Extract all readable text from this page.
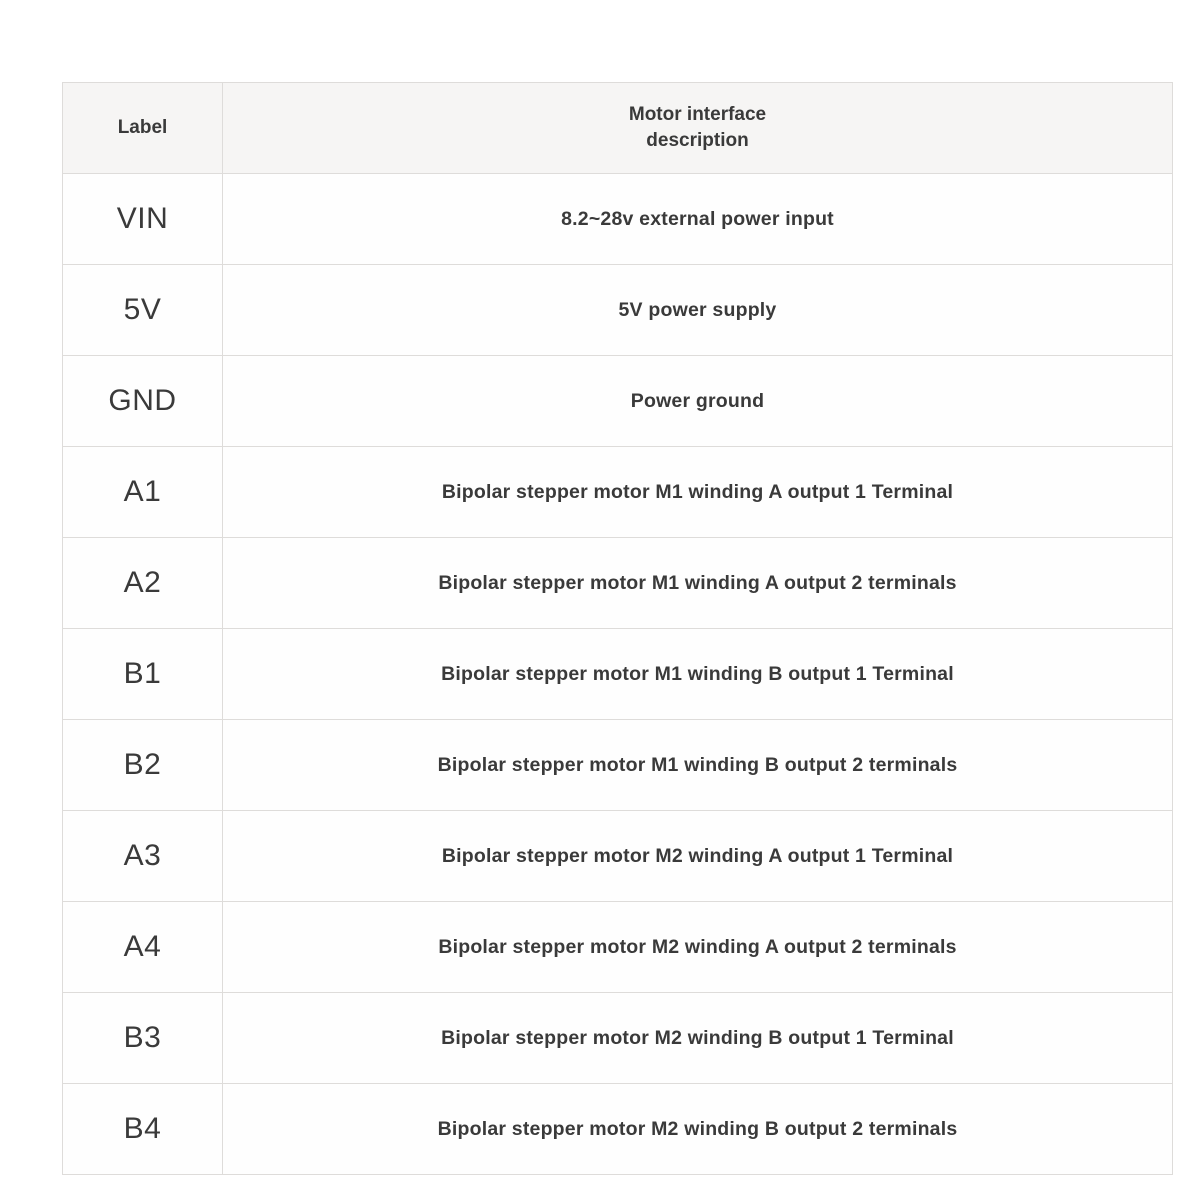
Label	Motor interface
description

VIN	8.2~28v external power input
5V	5V power supply
GND	Power ground
A1	Bipolar stepper motor M1 winding A output 1 Terminal
A2	Bipolar stepper motor M1 winding A output 2 terminals
B1	Bipolar stepper motor M1 winding B output 1 Terminal
B2	Bipolar stepper motor M1 winding B output 2 terminals
A3	Bipolar stepper motor M2 winding A output 1 Terminal
A4	Bipolar stepper motor M2 winding A output 2 terminals
B3	Bipolar stepper motor M2 winding B output 1 Terminal
B4	Bipolar stepper motor M2 winding B output 2 terminals
